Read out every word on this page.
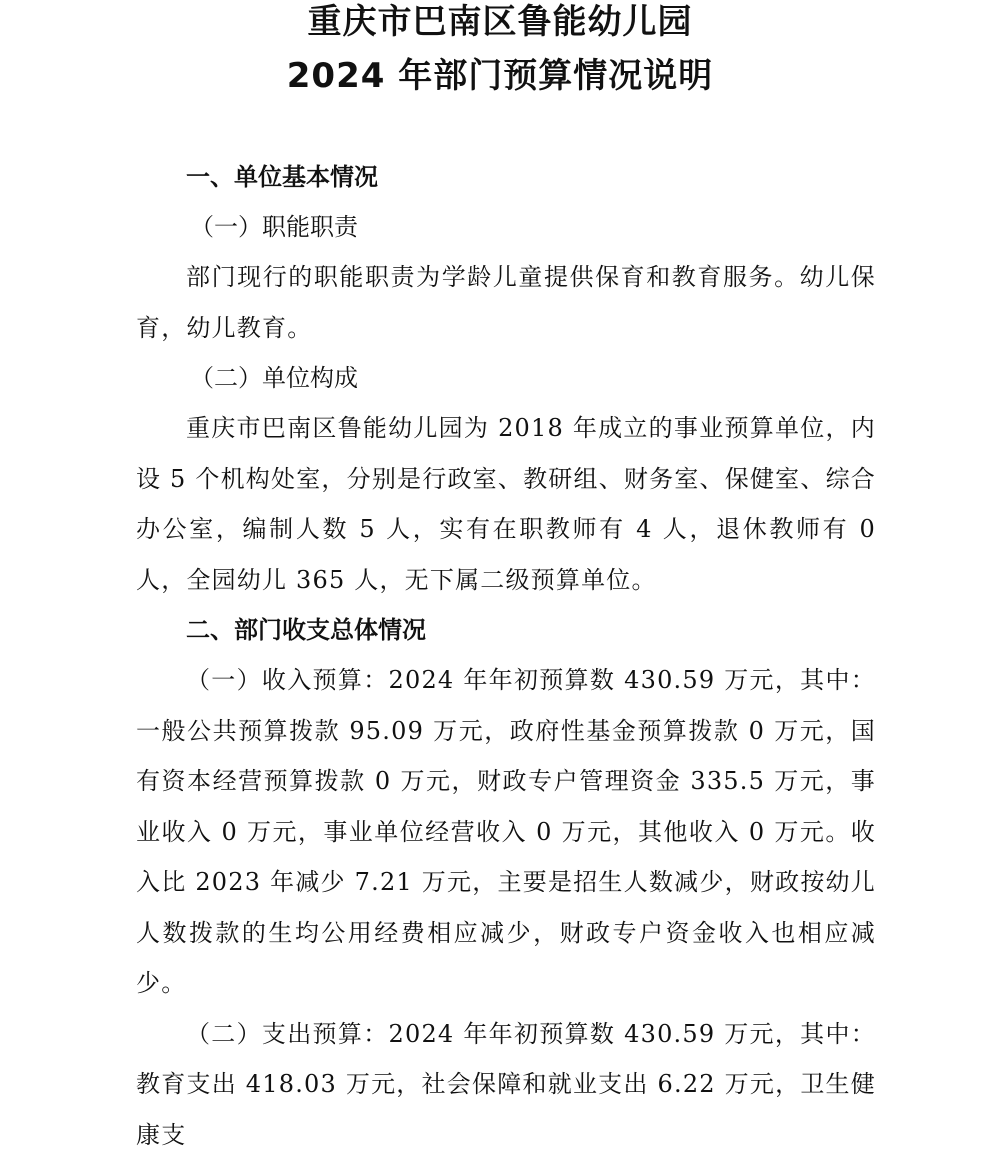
重庆市巴南区鲁能幼儿园
2024 年部门预算情况说明
一、单位基本情况
（一）职能职责

部门现行的职能职责为学龄儿童提供保育和教育服务。幼儿保育，幼儿教育。

（二）单位构成

重庆市巴南区鲁能幼儿园为 2018 年成立的事业预算单位，内设 5 个机构处室，分别是行政室、教研组、财务室、保健室、综合办公室，编制人数 5 人，实有在职教师有 4 人，退休教师有 0 人，全园幼儿 365 人，无下属二级预算单位。

二、部门收支总体情况

（一）收入预算：2024 年年初预算数 430.59 万元，其中：一般公共预算拨款 95.09 万元，政府性基金预算拨款 0 万元，国有资本经营预算拨款 0 万元，财政专户管理资金 335.5 万元，事业收入 0 万元，事业单位经营收入 0 万元，其他收入 0 万元。收入比 2023 年减少 7.21 万元，主要是招生人数减少，财政按幼儿人数拨款的生均公用经费相应减少，财政专户资金收入也相应减少。

（二）支出预算：2024 年年初预算数 430.59 万元，其中：教育支出 418.03 万元，社会保障和就业支出 6.22 万元，卫生健康支
